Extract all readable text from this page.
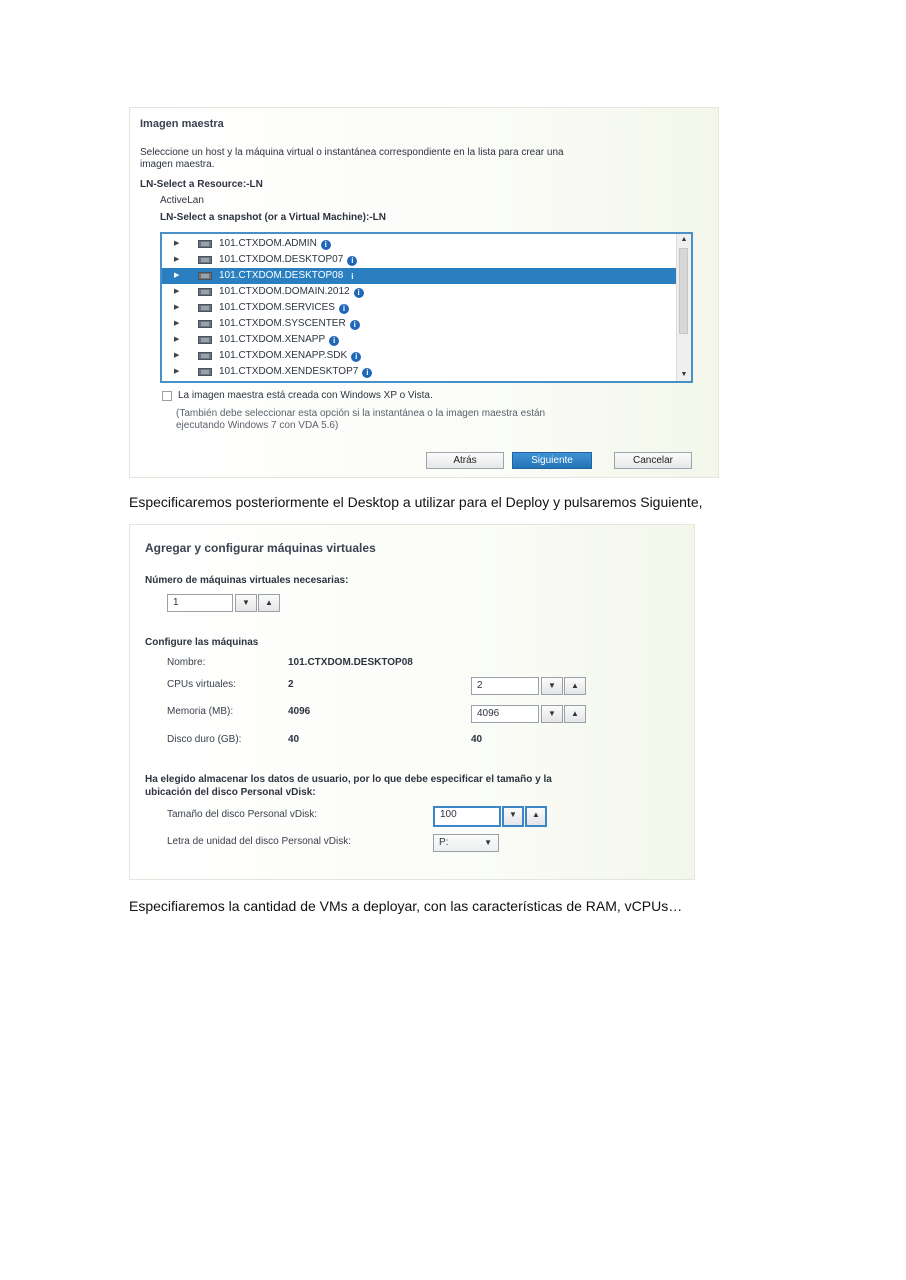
Imagen maestra
Seleccione un host y la máquina virtual o instantánea correspondiente en la lista para crear una
imagen maestra.
LN-Select a Resource:-LN
ActiveLan
LN-Select a snapshot (or a Virtual Machine):-LN
▶	101.CTXDOM.ADMIN i
▶	101.CTXDOM.DESKTOP07 i
▶	101.CTXDOM.DESKTOP08 i
▶	101.CTXDOM.DOMAIN.2012 i
▶	101.CTXDOM.SERVICES i
▶	101.CTXDOM.SYSCENTER i
▶	101.CTXDOM.XENAPP i
▶	101.CTXDOM.XENAPP.SDK i
▶	101.CTXDOM.XENDESKTOP7 i
▲
▼
La imagen maestra está creada con Windows XP o Vista.
(También debe seleccionar esta opción si la instantánea o la imagen maestra están
ejecutando Windows 7 con VDA 5.6)
Atrás	Siguiente	Cancelar
Especificaremos posteriormente el Desktop a utilizar para el Deploy y pulsaremos Siguiente,
Agregar y configurar máquinas virtuales
Número de máquinas virtuales necesarias:
1	▼	▲
Configure las máquinas
Nombre:	101.CTXDOM.DESKTOP08
CPUs virtuales:	2	2	▼	▲
Memoria (MB):	4096	4096	▼	▲
Disco duro (GB):	40	40
Ha elegido almacenar los datos de usuario, por lo que debe especificar el tamaño y la
ubicación del disco Personal vDisk:
Tamaño del disco Personal vDisk:	100	▼	▲
Letra de unidad del disco Personal vDisk:	P:	▼
Especifiaremos la cantidad de VMs a deployar, con las características de RAM, vCPUs…
